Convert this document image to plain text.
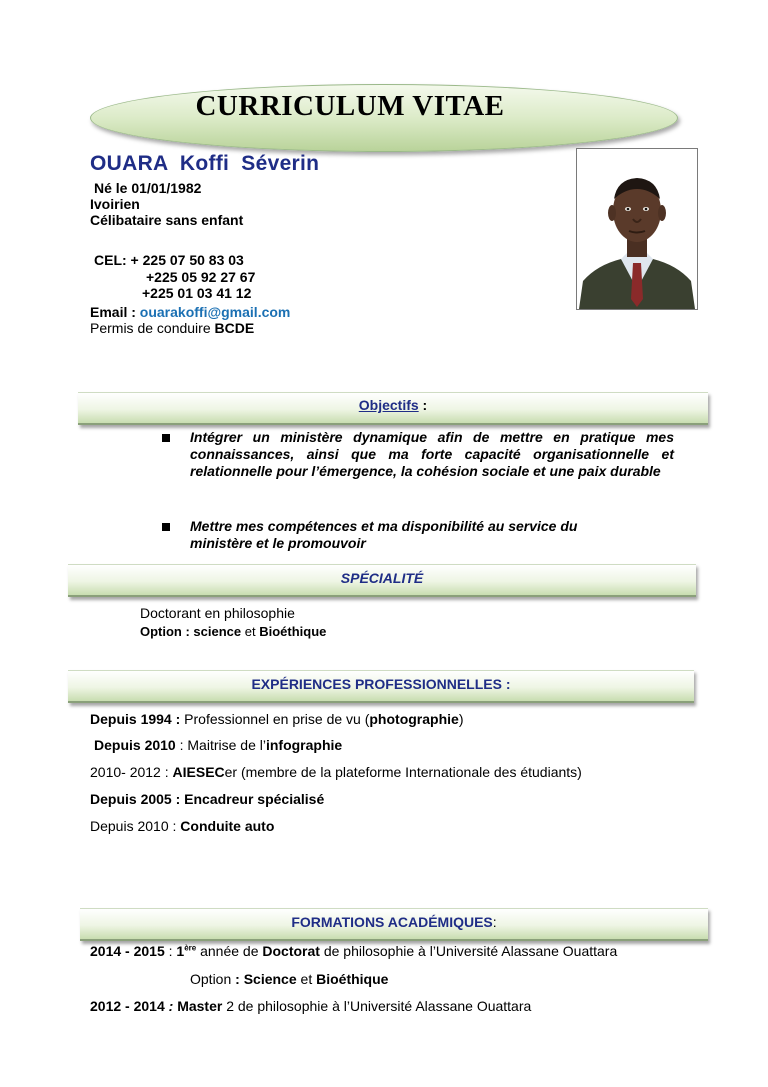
CURRICULUM VITAE
OUARA Koffi Séverin
Né le 01/01/1982
Ivoirien
Célibataire sans enfant
CEL: + 225 07 50 83 03
+225 05 92 27 67
+225 01 03 41 12
Email : ouarakoffi@gmail.com
Permis de conduire BCDE
Objectifs :
Intégrer un ministère dynamique afin de mettre en pratique mes connaissances, ainsi que ma forte capacité organisationnelle et relationnelle pour l’émergence, la cohésion sociale et une paix durable
Mettre mes compétences et ma disponibilité au service du ministère et le promouvoir
SPÉCIALITÉ
Doctorant en philosophie
Option : science et Bioéthique
EXPÉRIENCES PROFESSIONNELLES :
Depuis 1994 : Professionnel en prise de vu (photographie)
Depuis 2010 : Maitrise de l’infographie
2010- 2012 : AIESECer (membre de la plateforme Internationale des étudiants)
Depuis 2005 : Encadreur spécialisé
Depuis 2010 : Conduite auto
FORMATIONS ACADÉMIQUES:
2014 - 2015 : 1ère année de Doctorat de philosophie à l’Université Alassane Ouattara
Option : Science et Bioéthique
2012 - 2014 : Master 2 de philosophie à l’Université Alassane Ouattara
